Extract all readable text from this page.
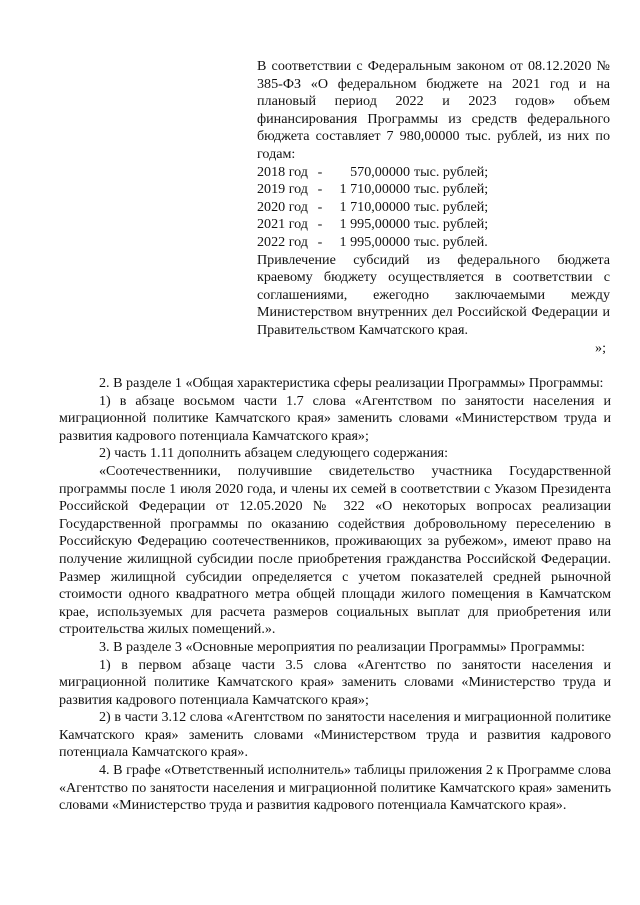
В соответствии с Федеральным законом от 08.12.2020 № 385-ФЗ «О федеральном бюджете на 2021 год и на плановый период 2022 и 2023 годов» объем финансирования Программы из средств федерального бюджета составляет 7 980,00000 тыс. рублей, из них по годам:

2018 год -	570,00000 тыс. рублей;
2019 год -	1 710,00000 тыс. рублей;
2020 год -	1 710,00000 тыс. рублей;
2021 год -	1 995,00000 тыс. рублей;
2022 год -	1 995,00000 тыс. рублей.

Привлечение субсидий из федерального бюджета краевому бюджету осуществляется в соответствии с соглашениями, ежегодно заключаемыми между Министерством внутренних дел Российской Федерации и Правительством Камчатского края.

»;

2. В разделе 1 «Общая характеристика сферы реализации Программы» Программы:

1) в абзаце восьмом части 1.7 слова «Агентством по занятости населения и миграционной политике Камчатского края» заменить словами «Министерством труда и развития кадрового потенциала Камчатского края»;

2) часть 1.11 дополнить абзацем следующего содержания:

«Соотечественники, получившие свидетельство участника Государственной программы после 1 июля 2020 года, и члены их семей в соответствии с Указом Президента Российской Федерации от 12.05.2020 № 322 «О некоторых вопросах реализации Государственной программы по оказанию содействия добровольному переселению в Российскую Федерацию соотечественников, проживающих за рубежом», имеют право на получение жилищной субсидии после приобретения гражданства Российской Федерации. Размер жилищной субсидии определяется с учетом показателей средней рыночной стоимости одного квадратного метра общей площади жилого помещения в Камчатском крае, используемых для расчета размеров социальных выплат для приобретения или строительства жилых помещений.».

3. В разделе 3 «Основные мероприятия по реализации Программы» Программы:

1) в первом абзаце части 3.5 слова «Агентство по занятости населения и миграционной политике Камчатского края» заменить словами «Министерство труда и развития кадрового потенциала Камчатского края»;

2) в части 3.12 слова «Агентством по занятости населения и миграционной политике Камчатского края» заменить словами «Министерством труда и развития кадрового потенциала Камчатского края».

4. В графе «Ответственный исполнитель» таблицы приложения 2 к Программе слова «Агентство по занятости населения и миграционной политике Камчатского края» заменить словами «Министерство труда и развития кадрового потенциала Камчатского края».
